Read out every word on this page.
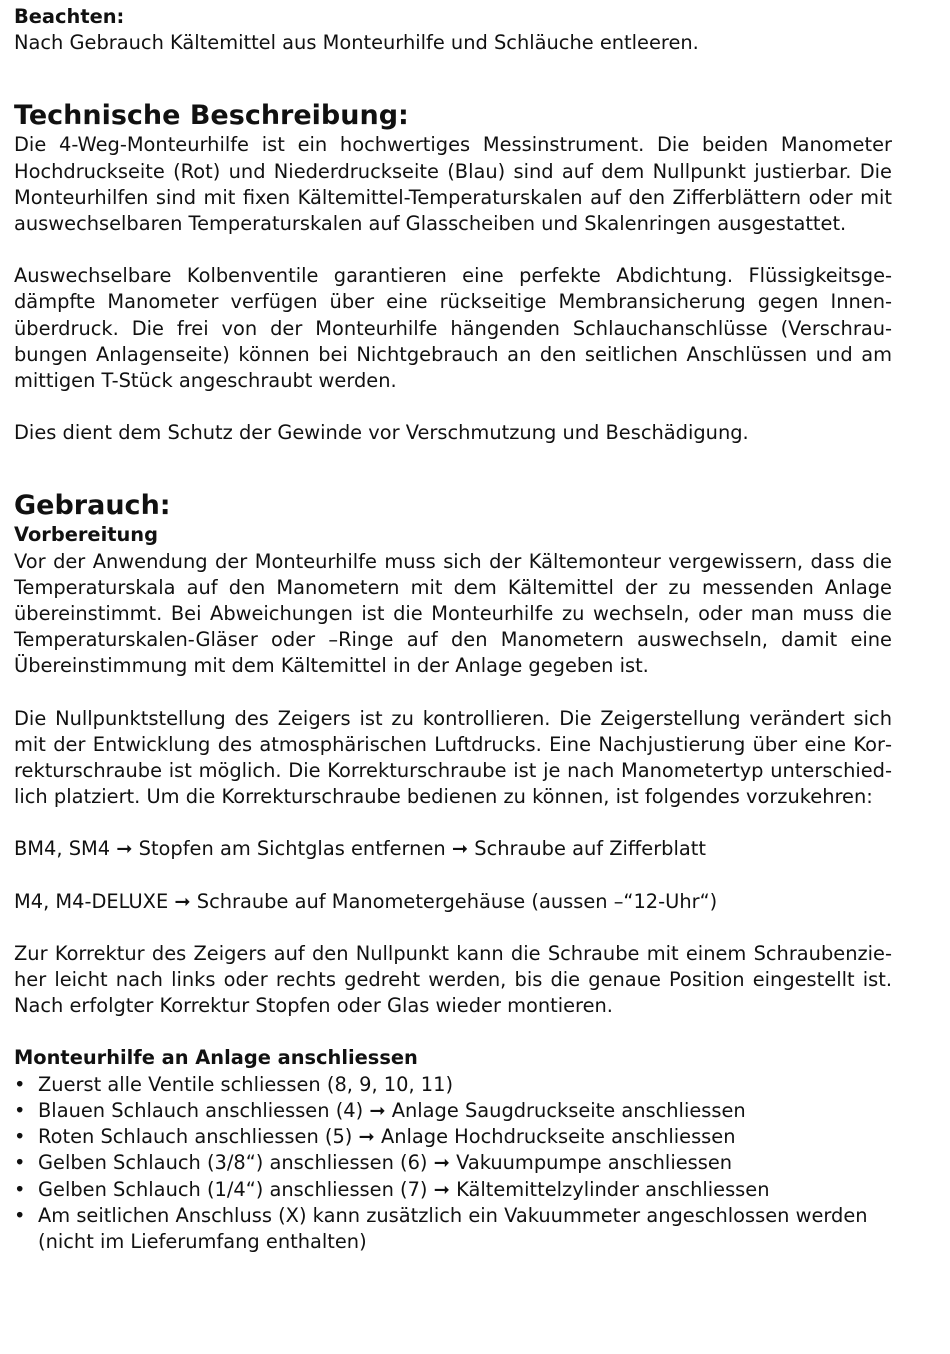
Beachten:

Nach Gebrauch Kältemittel aus Monteurhilfe und Schläuche entleeren.

Technische Beschreibung:

Die 4-Weg-Monteurhilfe ist ein hochwertiges Messinstrument. Die beiden Manometer Hochdruckseite (Rot) und Niederdruckseite (Blau) sind auf dem Nullpunkt justierbar. Die Monteurhilfen sind mit fixen Kältemittel-Temperaturskalen auf den Zifferblättern oder mit auswechselbaren Temperaturskalen auf Glasscheiben und Skalenringen ausgestattet.

Auswechselbare Kolbenventile garantieren eine perfekte Abdichtung. Flüssigkeitsgedämpfte Manometer verfügen über eine rückseitige Membransicherung gegen Innenüberdruck. Die frei von der Monteurhilfe hängenden Schlauchanschlüsse (Verschraubungen Anlagenseite) können bei Nichtgebrauch an den seitlichen Anschlüssen und am mittigen T-Stück angeschraubt werden.

Dies dient dem Schutz der Gewinde vor Verschmutzung und Beschädigung.

Gebrauch:

Vorbereitung

Vor der Anwendung der Monteurhilfe muss sich der Kältemonteur vergewissern, dass die Temperaturskala auf den Manometern mit dem Kältemittel der zu messenden Anlage übereinstimmt. Bei Abweichungen ist die Monteurhilfe zu wechseln, oder man muss die Temperaturskalen-Gläser oder –Ringe auf den Manometern auswechseln, damit eine Übereinstimmung mit dem Kältemittel in der Anlage gegeben ist.

Die Nullpunktstellung des Zeigers ist zu kontrollieren. Die Zeigerstellung verändert sich mit der Entwicklung des atmosphärischen Luftdrucks. Eine Nachjustierung über eine Korrekturschraube ist möglich. Die Korrekturschraube ist je nach Manometertyp unterschiedlich platziert. Um die Korrekturschraube bedienen zu können, ist folgendes vorzukehren:

BM4, SM4 ➞ Stopfen am Sichtglas entfernen ➞ Schraube auf Zifferblatt

M4, M4-DELUXE ➞ Schraube auf Manometergehäuse (aussen –“12-Uhr“)

Zur Korrektur des Zeigers auf den Nullpunkt kann die Schraube mit einem Schraubenzieher leicht nach links oder rechts gedreht werden, bis die genaue Position eingestellt ist. Nach erfolgter Korrektur Stopfen oder Glas wieder montieren.

Monteurhilfe an Anlage anschliessen

• Zuerst alle Ventile schliessen (8, 9, 10, 11)
• Blauen Schlauch anschliessen (4) ➞ Anlage Saugdruckseite anschliessen
• Roten Schlauch anschliessen (5) ➞ Anlage Hochdruckseite anschliessen
• Gelben Schlauch (3/8“) anschliessen (6) ➞ Vakuumpumpe anschliessen
• Gelben Schlauch (1/4“) anschliessen (7) ➞ Kältemittelzylinder anschliessen
• Am seitlichen Anschluss (X) kann zusätzlich ein Vakuummeter angeschlossen werden (nicht im Lieferumfang enthalten)
